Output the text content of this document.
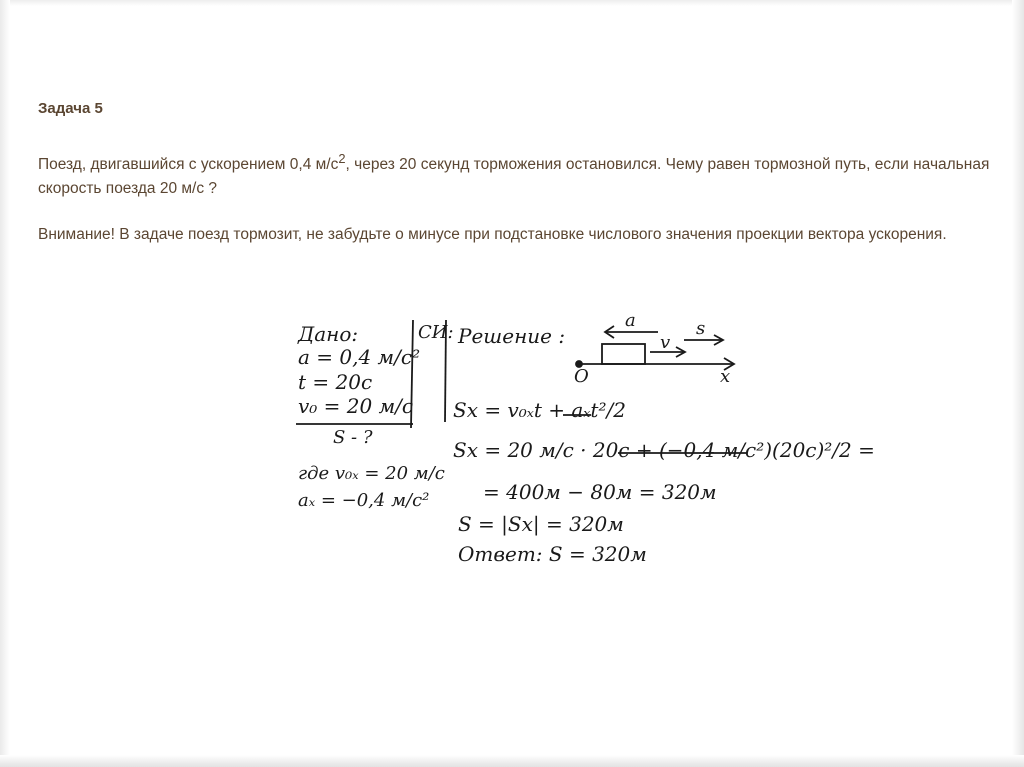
Задача 5

Поезд, двигавшийся с ускорением 0,4 $м/с^2$, через 20 секунд торможения остановился. Чему равен тормозной путь, если начальная скорость поезда 20 м/с ?

Внимание! В задаче поезд тормозит, не забудьте о минусе при подстановке числового значения проекции вектора ускорения.

Дано:
a = 0,4 м/c²
t = 20c
v₀ = 20 м/c
S - ?
СИ:
где v₀ₓ = 20 м/c
aₓ = −0,4 м/c²
Решение :
a
v
s
O	x
Sx = v₀ₓt + aₓt²/2
Sx = 20 м/c · 20c + (−0,4 м/c²)(20c)²/2 =
= 400м − 80м = 320м
S = |Sx| = 320м
Ответ: S = 320м
